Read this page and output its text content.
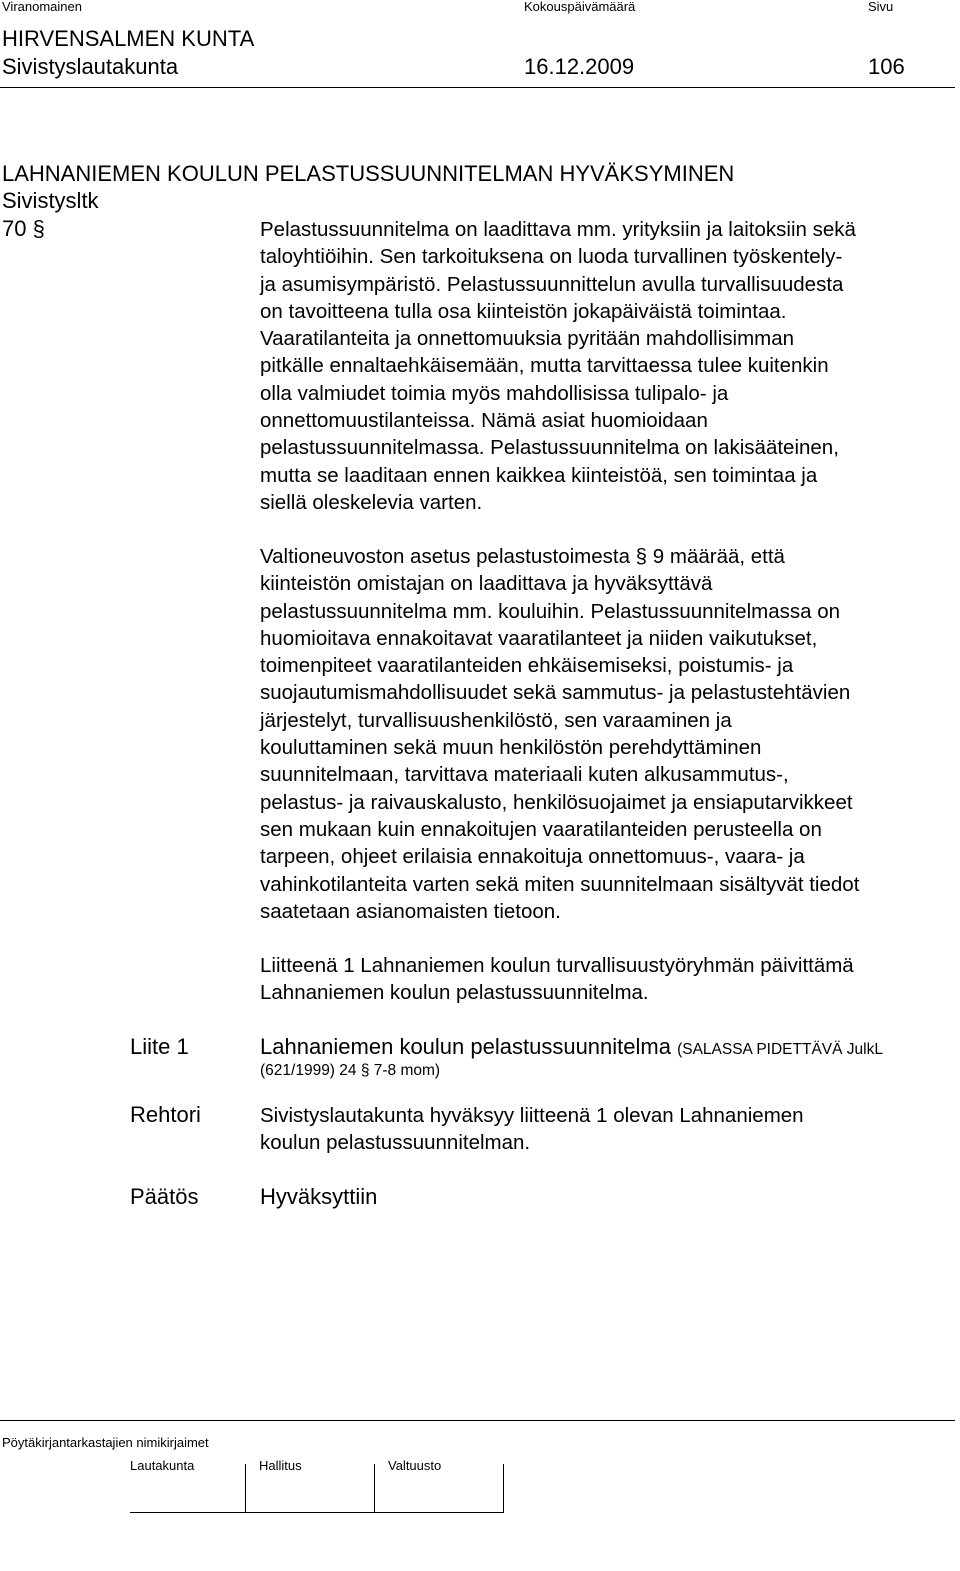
Viranomainen	Kokouspäivämäärä	Sivu
HIRVENSALMEN KUNTA
Sivistyslautakunta	16.12.2009	106
LAHNANIEMEN KOULUN PELASTUSSUUNNITELMAN HYVÄKSYMINEN
Sivistysltk
70 §	Pelastussuunnitelma on laadittava mm. yrityksiin ja laitoksiin sekä

taloyhtiöihin. Sen tarkoituksena on luoda turvallinen työskentely-

ja asumisympäristö. Pelastussuunnittelun avulla turvallisuudesta

on tavoitteena tulla osa kiinteistön jokapäiväistä toimintaa.

Vaaratilanteita ja onnettomuuksia pyritään mahdollisimman

pitkälle ennaltaehkäisemään, mutta tarvittaessa tulee kuitenkin

olla valmiudet toimia myös mahdollisissa tulipalo- ja

onnettomuustilanteissa. Nämä asiat huomioidaan

pelastussuunnitelmassa. Pelastussuunnitelma on lakisääteinen,

mutta se laaditaan ennen kaikkea kiinteistöä, sen toimintaa ja

siellä oleskelevia varten.

Valtioneuvoston asetus pelastustoimesta § 9 määrää, että

kiinteistön omistajan on laadittava ja hyväksyttävä

pelastussuunnitelma mm. kouluihin. Pelastussuunnitelmassa on

huomioitava ennakoitavat vaaratilanteet ja niiden vaikutukset,

toimenpiteet vaaratilanteiden ehkäisemiseksi, poistumis- ja

suojautumismahdollisuudet sekä sammutus- ja pelastustehtävien

järjestelyt, turvallisuushenkilöstö, sen varaaminen ja

kouluttaminen sekä muun henkilöstön perehdyttäminen

suunnitelmaan, tarvittava materiaali kuten alkusammutus-,

pelastus- ja raivauskalusto, henkilösuojaimet ja ensiaputarvikkeet

sen mukaan kuin ennakoitujen vaaratilanteiden perusteella on

tarpeen, ohjeet erilaisia ennakoituja onnettomuus-, vaara- ja

vahinkotilanteita varten sekä miten suunnitelmaan sisältyvät tiedot

saatetaan asianomaisten tietoon.

Liitteenä 1 Lahnaniemen koulun turvallisuustyöryhmän päivittämä

Lahnaniemen koulun pelastussuunnitelma.

Liite 1	Lahnaniemen koulun pelastussuunnitelma (SALASSA PIDETTÄVÄ JulkL
(621/1999) 24 § 7-8 mom)
Rehtori	Sivistyslautakunta hyväksyy liitteenä 1 olevan Lahnaniemen

koulun pelastussuunnitelman.

Päätös	Hyväksyttiin
Pöytäkirjantarkastajien nimikirjaimet
Lautakunta	Hallitus	Valtuusto
